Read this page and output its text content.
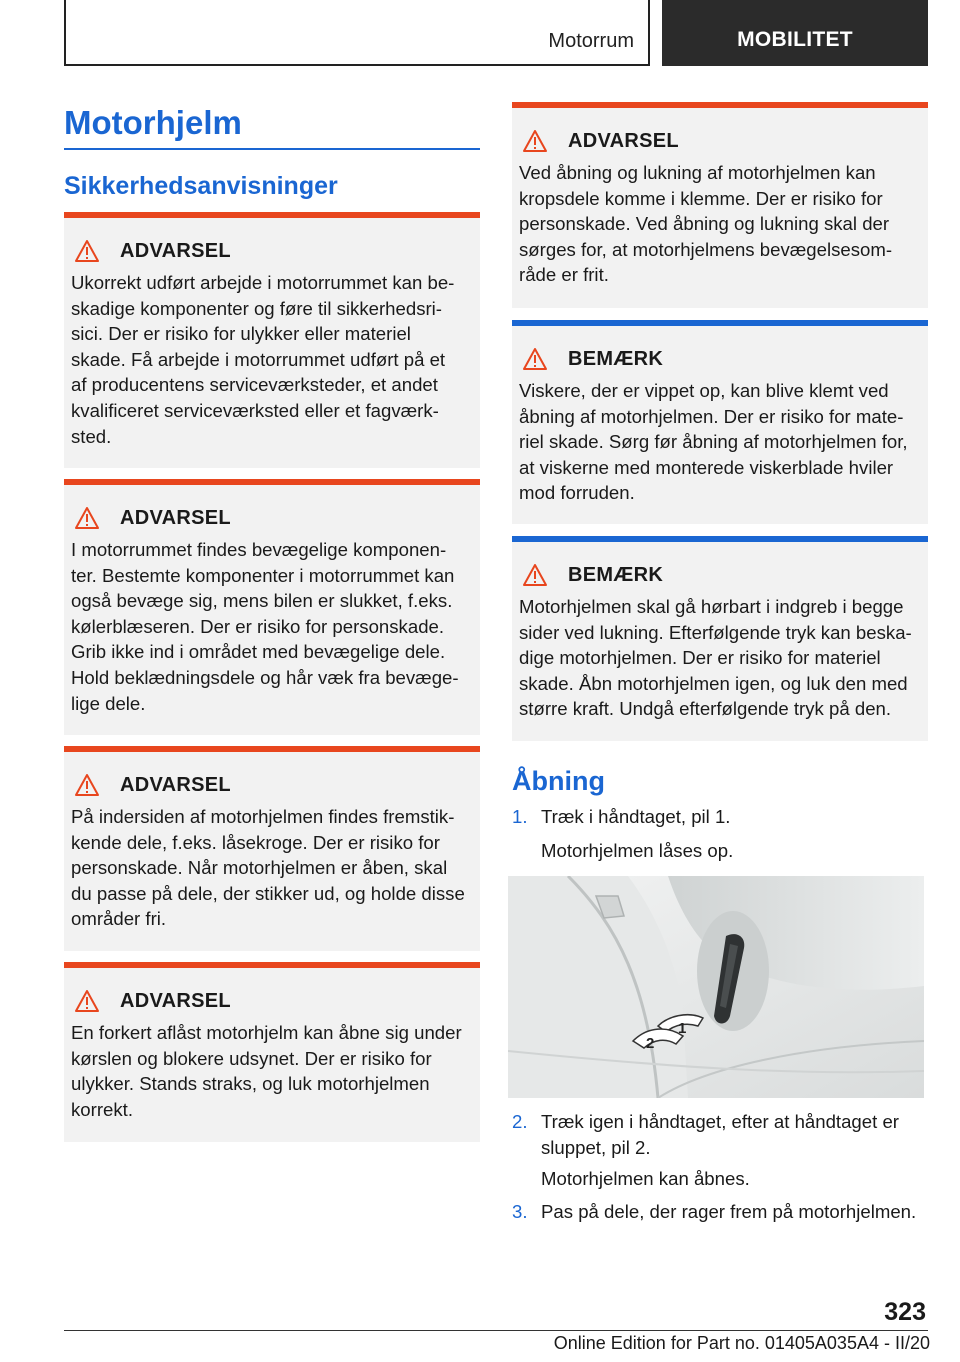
Motorrum	MOBILITET
Motorhjelm
Sikkerhedsanvisninger
ADVARSEL
Ukorrekt udført arbejde i motorrummet kan be-
skadige komponenter og føre til sikkerhedsri-
sici. Der er risiko for ulykker eller materiel
skade. Få arbejde i motorrummet udført på et
af producentens serviceværksteder, et andet
kvalificeret serviceværksted eller et fagværk-
sted.
ADVARSEL
I motorrummet findes bevægelige komponen-
ter. Bestemte komponenter i motorrummet kan
også bevæge sig, mens bilen er slukket, f.eks.
kølerblæseren. Der er risiko for personskade.
Grib ikke ind i området med bevægelige dele.
Hold beklædningsdele og hår væk fra bevæge-
lige dele.
ADVARSEL
På indersiden af motorhjelmen findes fremstik-
kende dele, f.eks. låsekroge. Der er risiko for
personskade. Når motorhjelmen er åben, skal
du passe på dele, der stikker ud, og holde disse
områder fri.
ADVARSEL
En forkert aflåst motorhjelm kan åbne sig under
kørslen og blokere udsynet. Der er risiko for
ulykker. Stands straks, og luk motorhjelmen
korrekt.
ADVARSEL
Ved åbning og lukning af motorhjelmen kan
kropsdele komme i klemme. Der er risiko for
personskade. Ved åbning og lukning skal der
sørges for, at motorhjelmens bevægelsesom-
råde er frit.
BEMÆRK
Viskere, der er vippet op, kan blive klemt ved
åbning af motorhjelmen. Der er risiko for mate-
riel skade. Sørg før åbning af motorhjelmen for,
at viskerne med monterede viskerblade hviler
mod forruden.
BEMÆRK
Motorhjelmen skal gå hørbart i indgreb i begge
sider ved lukning. Efterfølgende tryk kan beska-
dige motorhjelmen. Der er risiko for materiel
skade. Åbn motorhjelmen igen, og luk den med
større kraft. Undgå efterfølgende tryk på den.
Åbning
1. Træk i håndtaget, pil 1.
Motorhjelmen låses op.
1
2
2. Træk igen i håndtaget, efter at håndtaget er
sluppet, pil 2.
Motorhjelmen kan åbnes.
3. Pas på dele, der rager frem på motorhjelmen.
323
Online Edition for Part no. 01405A035A4 - II/20
